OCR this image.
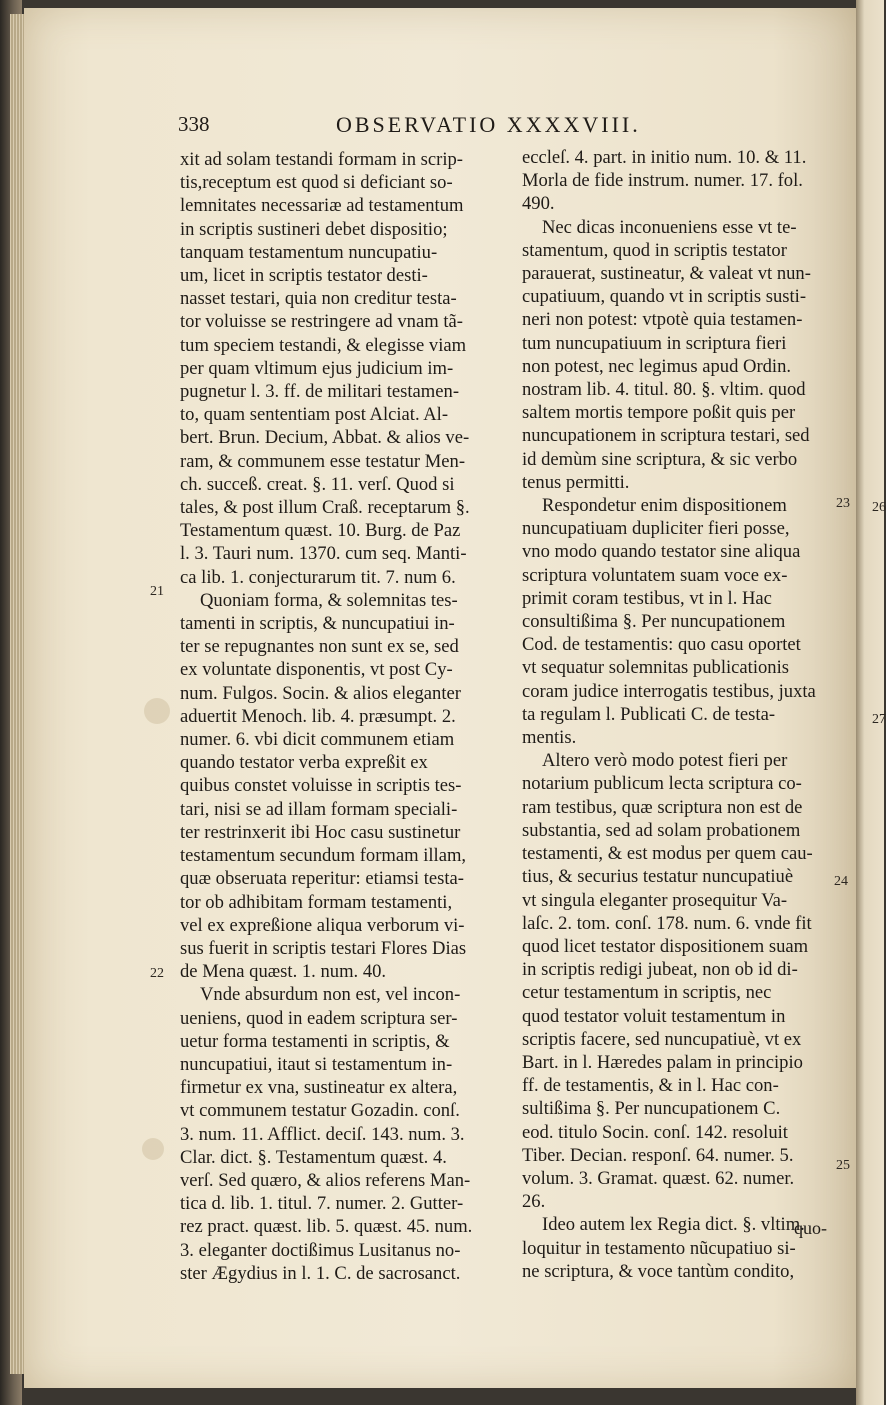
338	OBSERVATIO XXXXVIII.

xit ad solam testandi formam in scrip-

tis,receptum est quod si deficiant so-

lemnitates necessariæ ad testamentum

in scriptis sustineri debet dispositio;

tanquam testamentum nuncupatiu-

um, licet in scriptis testator desti-

nasset testari, quia non creditur testa-

tor voluisse se restringere ad vnam tã-

tum speciem testandi, & elegisse viam

per quam vltimum ejus judicium im-

pugnetur l. 3. ff. de militari testamen-

to, quam sententiam post Alciat. Al-

bert. Brun. Decium, Abbat. & alios ve-

ram, & communem esse testatur Men-

ch. succeß. creat. §. 11. verſ. Quod si

tales, & post illum Craß. receptarum §.

Testamentum quæst. 10. Burg. de Paz

l. 3. Tauri num. 1370. cum seq. Manti-

ca lib. 1. conjecturarum tit. 7. num 6.

Quoniam forma, & solemnitas tes-

tamenti in scriptis, & nuncupatiui in-

ter se repugnantes non sunt ex se, sed

ex voluntate disponentis, vt post Cy-

num. Fulgos. Socin. & alios eleganter

aduertit Menoch. lib. 4. præsumpt. 2.

numer. 6. vbi dicit communem etiam

quando testator verba expreßit ex

quibus constet voluisse in scriptis tes-

tari, nisi se ad illam formam speciali-

ter restrinxerit ibi Hoc casu sustinetur

testamentum secundum formam illam,

quæ obseruata reperitur: etiamsi testa-

tor ob adhibitam formam testamenti,

vel ex expreßione aliqua verborum vi-

sus fuerit in scriptis testari Flores Dias

de Mena quæst. 1. num. 40.

Vnde absurdum non est, vel incon-

ueniens, quod in eadem scriptura ser-

uetur forma testamenti in scriptis, &

nuncupatiui, itaut si testamentum in-

firmetur ex vna, sustineatur ex altera,

vt communem testatur Gozadin. conſ.

3. num. 11. Afflict. deciſ. 143. num. 3.

Clar. dict. §. Testamentum quæst. 4.

verſ. Sed quæro, & alios referens Man-

tica d. lib. 1. titul. 7. numer. 2. Gutter-

rez pract. quæst. lib. 5. quæst. 45. num.

3. eleganter doctißimus Lusitanus no-

ster Ægydius in l. 1. C. de sacrosanct.

eccleſ. 4. part. in initio num. 10. & 11.

Morla de fide instrum. numer. 17. fol.

490.

Nec dicas inconueniens esse vt te-

stamentum, quod in scriptis testator

parauerat, sustineatur, & valeat vt nun-

cupatiuum, quando vt in scriptis susti-

neri non potest: vtpotè quia testamen-

tum nuncupatiuum in scriptura fieri

non potest, nec legimus apud Ordin.

nostram lib. 4. titul. 80. §. vltim. quod

saltem mortis tempore poßit quis per

nuncupationem in scriptura testari, sed

id demùm sine scriptura, & sic verbo

tenus permitti.

Respondetur enim dispositionem

nuncupatiuam dupliciter fieri posse,

vno modo quando testator sine aliqua

scriptura voluntatem suam voce ex-

primit coram testibus, vt in l. Hac

consultißima §. Per nuncupationem

Cod. de testamentis: quo casu oportet

vt sequatur solemnitas publicationis

coram judice interrogatis testibus, juxta

ta regulam l. Publicati C. de testa-

mentis.

Altero verò modo potest fieri per

notarium publicum lecta scriptura co-

ram testibus, quæ scriptura non est de

substantia, sed ad solam probationem

testamenti, & est modus per quem cau-

tius, & securius testatur nuncupatiuè

vt singula eleganter prosequitur Va-

laſc. 2. tom. conſ. 178. num. 6. vnde fit

quod licet testator dispositionem suam

in scriptis redigi jubeat, non ob id di-

cetur testamentum in scriptis, nec

quod testator voluit testamentum in

scriptis facere, sed nuncupatiuè, vt ex

Bart. in l. Hæredes palam in principio

ff. de testamentis, & in l. Hac con-

sultißima §. Per nuncupationem C.

eod. titulo Socin. conſ. 142. resoluit

Tiber. Decian. responſ. 64. numer. 5.

volum. 3. Gramat. quæst. 62. numer.

26.

Ideo autem lex Regia dict. §. vltim.

loquitur in testamento nũcupatiuo si-

ne scriptura, & voce tantùm condito,

21
22
23
24
25
quo-
26
27
